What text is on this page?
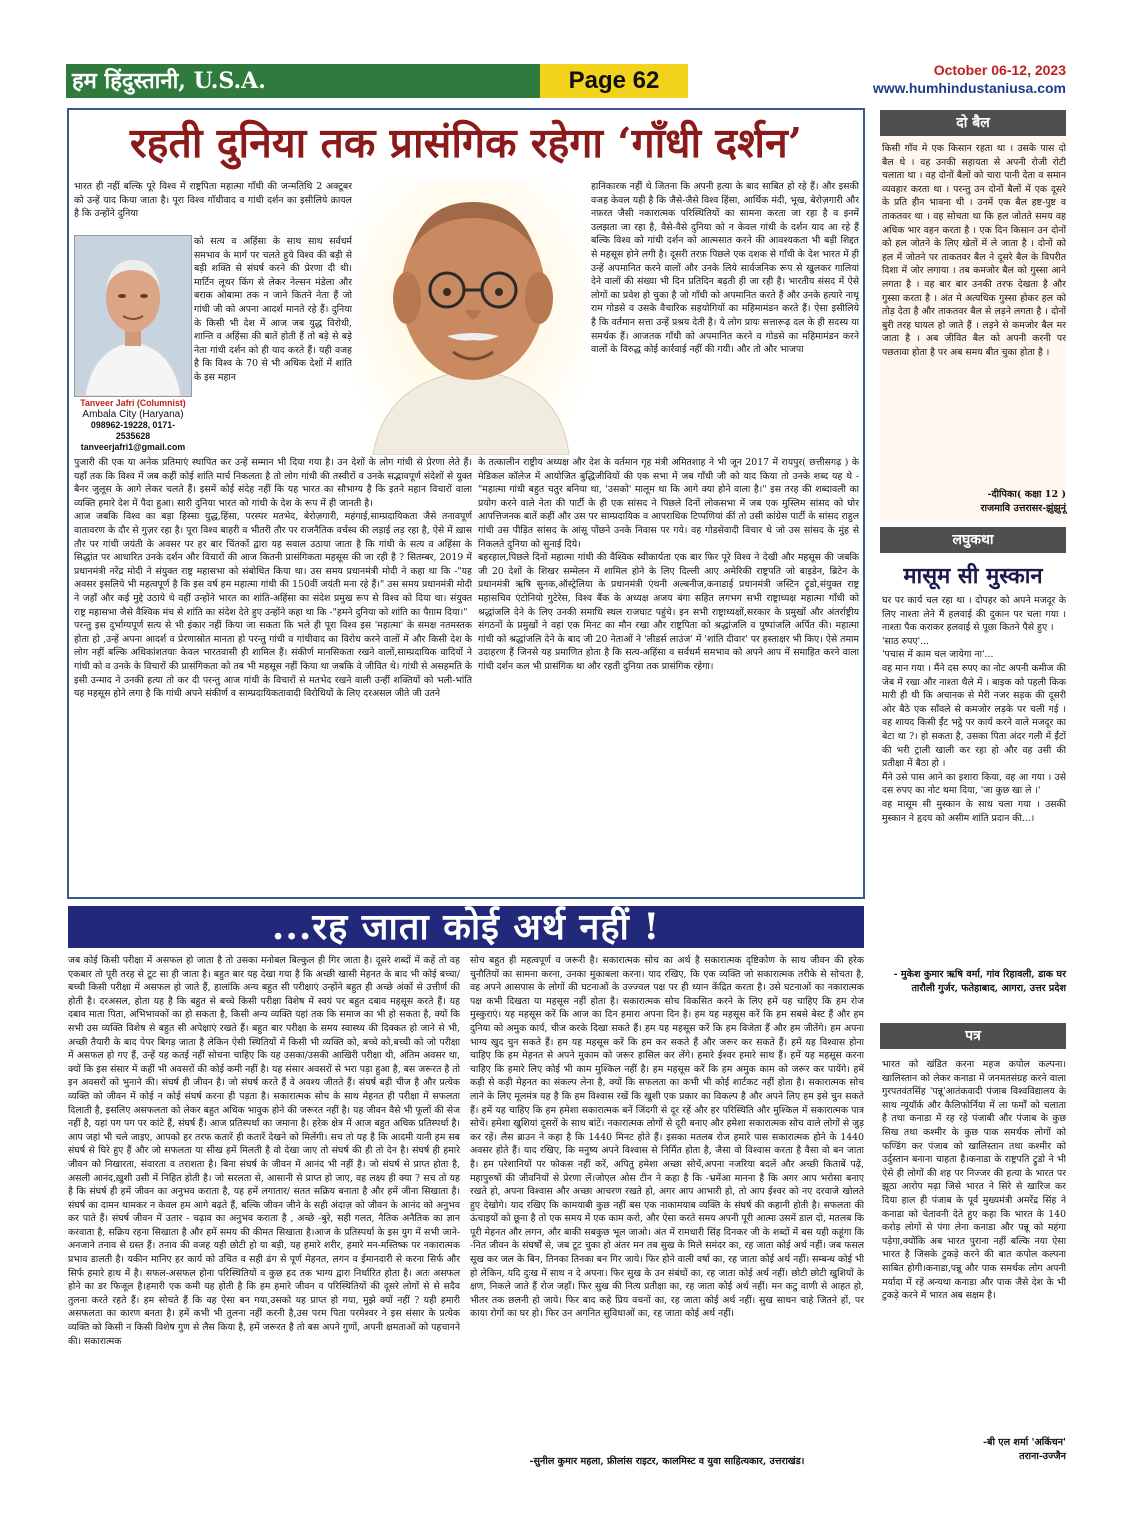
हम हिंदुस्तानी, U.S.A.	Page 62	October 06-12, 2023
www.humhindustaniusa.com
रहती दुनिया तक प्रासंगिक रहेगा ‘गाँधी दर्शन’
भारत ही नहीं बल्कि पूरे विश्व में राष्ट्रपिता महात्मा गाँधी की जन्मतिथि 2 अक्टूबर को उन्हें याद किया जाता है। पूरा विश्व गाँधीवाद व गांधी दर्शन का इसीलिये क़ायल है कि उन्होंने दुनिया
Tanveer Jafri (Columnist)
Ambala City (Haryana)
098962-19228, 0171-2535628
tanveerjafri1@gmail.com
को सत्य व अहिंसा के साथ साथ सर्वधर्म समभाव के मार्ग पर चलते हुये विश्व की बड़ी से बड़ी शक्ति से संघर्ष करने की प्रेरणा दी थी। मार्टिन लूथर किंग से लेकर नेल्सन मंडेला और बराक ओबामा तक न जाने कितने नेता हैं जो गांधी जी को अपना आदर्श मानते रहे हैं। दुनिया के किसी भी देश में आज जब युद्ध विरोधी, शान्ति व अहिंसा की बातें होती हैं तो बड़े से बड़े नेता गांधी दर्शन को ही याद करते हैं। यही वजह है कि विश्व के 70 से भी अधिक देशों में शांति के इस महान
हानिकारक नहीं थे जितना कि अपनी हत्या के बाद साबित हो रहे हैं। और इसकी वजह केवल यही है कि जैसे-जैसे विश्व हिंसा, आर्थिक मंदी, भूख, बेरोज़गारी और नफ़रत जैसी नकारात्मक परिस्थितियों का सामना करता जा रहा है व इनमें उलझता जा रहा है, वैसे-वैसे दुनिया को न केवल गांधी के दर्शन याद आ रहे हैं बल्कि विश्व को गांधी दर्शन को आत्मसात करने की आवश्यकता भी बड़ी शिद्दत से महसूस होने लगी है। दूसरी तरफ़ पिछले एक दशक से गाँधी के देश भारत में ही उन्हें अपमानित करने वालों और उनके लिये सार्वजनिक रूप से खुलकर गालियां देने वालों की संख्या भी दिन प्रतिदिन बढ़ती ही जा रही है। भारतीय संसद में ऐसे लोगों का प्रवेश हो चुका है जो गाँधी को अपमानित करते हैं और उनके हत्यारे नाथू राम गोडसे व उसके वैचारिक सहयोगियों का महिमामंडन करते हैं। ऐसा इसीलिये है कि वर्तमान सत्ता उन्हें प्रश्रय देती है। ये लोग प्रायः सत्तारूढ़ दल के ही सदस्य या समर्थक हैं। आजतक गाँधी को अपमानित करने व गोडसे का महिमामंडन करने वालों के विरुद्ध कोई कार्रवाई नहीं की गयी। और तो और भाजपा
पुजारी की एक या अनेक प्रतिमाएं स्थापित कर उन्हें सम्मान भी दिया गया है। उन देशों के लोग गांधी से प्रेरणा लेते हैं। यहाँ तक कि विश्व में जब कहीं कोई शांति मार्च निकलता है तो लोग गांधी की तस्वीरों व उनके सद्भावपूर्ण संदेशों से युक्त बैनर जुलूस के आगे लेकर चलते हैं। इसमें कोई संदेह नहीं कि यह भारत का सौभाग्य है कि इतने महान विचारों वाला व्यक्ति हमारे देश में पैदा हुआ। सारी दुनिया भारत को गांधी के देश के रूप में ही जानती है।
आज जबकि विश्व का बड़ा हिस्सा युद्ध,हिंसा, परस्पर मतभेद, बेरोज़गारी, महंगाई,साम्प्रदायिकता जैसे तनावपूर्ण वातावरण के दौर से गुज़र रहा है। पूरा विश्व बाहरी व भीतरी तौर पर राजनैतिक वर्चस्व की लड़ाई लड़ रहा है, ऐसे में ख़ास तौर पर गांधी जयंती के अवसर पर हर बार चिंतकों द्वारा यह सवाल उठाया जाता है कि गांधी के सत्य व अहिंसा के सिद्धांत पर आधारित उनके दर्शन और विचारों की आज कितनी प्रासंगिकता महसूस की जा रही है ? सितम्बर, 2019 में प्रधानमंत्री नरेंद्र मोदी ने संयुक्त राष्ट्र महासभा को संबोधित किया था। उस समय प्रधानमंत्री मोदी ने कहा था कि -"यह अवसर इसलिये भी महत्वपूर्ण है कि इस वर्ष हम महात्मा गांधी की 150वीं जयंती मना रहे हैं।" उस समय प्रधानमंत्री मोदी ने जहाँ और कई मुद्दे उठाये थे वहीं उन्होंने भारत का शांति-अहिंसा का संदेश प्रमुख रूप से विश्व को दिया था। संयुक्त राष्ट्र महासभा जैसे वैश्विक मंच से शांति का संदेश देते हुए उन्होंने कहा था कि -"हमने दुनिया को शांति का पैग़ाम दिया।"
परन्तु इस दुर्भाग्यपूर्ण सत्य से भी इंकार नहीं किया जा सकता कि भले ही पूरा विश्व इस 'महात्मा' के समक्ष नतमस्तक होता हो ,उन्हें अपना आदर्श व प्रेरणास्रोत मानता हो परन्तु गांधी व गांधीवाद का विरोध करने वालों में और किसी देश के लोग नहीं बल्कि अधिकांशतयाः केवल भारतवासी ही शामिल हैं। संकीर्ण मानसिकता रखने वालों,साम्प्रदायिक वादियों ने गांधी को व उनके के विचारों की प्रासंगिकता को तब भी महसूस नहीं किया था जबकि वे जीवित थे। गांधी से असहमति के इसी उन्माद ने उनकी हत्या तो कर दी परन्तु आज गांधी के विचारों से मतभेद रखने वाली उन्हीं शक्तियों को भली-भांति यह महसूस होने लगा है कि गांधी अपने संकीर्ण व साम्प्रदायिकतावादी विरोधियों के लिए दरअसल जीते जी उतने
के तत्कालीन राष्ट्रीय अध्यक्ष और देश के वर्तमान गृह मंत्री अमितशाह ने भी जून 2017 में रायपुर( छत्तीसगढ़ ) के मेडिकल कॉलेज में आयोजित बुद्धिजीवियों की एक सभा में जब गाँधी जी को याद किया तो उनके शब्द यह थे - "महात्मा गांधी बहुत चतुर बनिया था, 'उसको' मालूम था कि आगे क्या होने वाला है।" इस तरह की शब्दावली का प्रयोग करने वाले नेता की पार्टी के ही एक सांसद ने पिछले दिनों लोकसभा में जब एक मुस्लिम सांसद को घोर आपत्तिजनक बातें कहीं और उस पर साम्प्रदायिक व आपराधिक टिप्पणियां कीं तो उसी कांग्रेस पार्टी के सांसद राहुल गांधी उस पीड़ित सांसद के आंसू पोंछने उनके निवास पर गये। वह गोडसेवादी विचार थे जो उस सांसद के मुंह से निकलते दुनिया को सुनाई दिये।
बहरहाल,पिछले दिनों महात्मा गांधी की वैश्विक स्वीकार्यता एक बार फिर पूरे विश्व ने देखी और महसूस की जबकि जी 20 देशों के शिखर सम्मेलन में शामिल होने के लिए दिल्ली आए अमेरिकी राष्ट्रपति जो बाइडेन, ब्रिटेन के प्रधानमंत्री ऋषि सुनक,ऑस्ट्रेलिया के प्रधानमंत्री एंथनी अल्बनीज,कनाडाई प्रधानमंत्री जस्टिन ट्रूडो,संयुक्त राष्ट्र महासचिव एंटोनियो गुटेरेस, विश्व बैंक के अध्यक्ष अजय बंगा सहित लगभग सभी राष्ट्राध्यक्ष महात्मा गाँधी को श्रद्धांजलि देने के लिए उनकी समाधि स्थल राजघाट पहुंचे। इन सभी राष्ट्राध्यक्षों,सरकार के प्रमुखों और अंतर्राष्ट्रीय संगठनों के प्रमुखों ने वहां एक मिनट का मौन रखा और राष्ट्रपिता को श्रद्धांजलि व पुष्पांजलि अर्पित की। महात्मा गांधी को श्रद्धांजलि देने के बाद जी 20 नेताओं ने 'लीडर्स लाउंज' में 'शांति दीवार' पर हस्ताक्षर भी किए। ऐसे तमाम उदाहरण हैं जिनसे यह प्रमाणित होता है कि सत्य-अहिंसा व सर्वधर्म समभाव को अपने आप में समाहित करने वाला गांधी दर्शन कल भी प्रासंगिक था और रहती दुनिया तक प्रासंगिक रहेगा।
...रह जाता कोई अर्थ नहीं !
जब कोई किसी परीक्षा में असफल हो जाता है तो उसका मनोबल बिल्कुल ही गिर जाता है। दूसरे शब्दों में कहें तो वह एकबार तो पूरी तरह से टूट सा ही जाता है। बहुत बार यह देखा गया है कि अच्छी खासी मेहनत के बाद भी कोई बच्चा/बच्ची किसी परीक्षा में असफल हो जाते हैं, हालांकि अन्य बहुत सी परीक्षाएं उन्होंने बहुत ही अच्छे अंकों से उत्तीर्ण की होती है। दरअसल, होता यह है कि बहुत से बच्चे किसी परीक्षा विशेष में स्वयं पर बहुत दबाव महसूस करते हैं। यह दबाव माता पिता, अभिभावकों का हो सकता है, किसी अन्य व्यक्ति यहां तक कि समाज का भी हो सकता है, क्यों कि सभी उस व्यक्ति विशेष से बहुत सी अपेक्षाएं रखते हैं। बहुत बार परीक्षा के समय स्वास्थ्य की दिक्कत हो जाने से भी, अच्छी तैयारी के बाद पेपर बिगड़ जाता है लेकिन ऐसी स्थितियों में किसी भी व्यक्ति को, बच्चे को,बच्ची को जो परीक्षा में असफल हो गए हैं, उन्हें यह कतई नहीं सोचना चाहिए कि यह उसका/उसकी आखिरी परीक्षा थी, अंतिम अवसर था, क्यों कि इस संसार में कहीं भी अवसरों की कोई कमी नहीं है। यह संसार अवसरों से भरा पड़ा हुआ है, बस जरूरत है तो इन अवसरों को भुनाने की। संघर्ष ही जीवन है। जो संघर्ष करते हैं वे अवश्य जीतते हैं। संघर्ष बड़ी चीज है और प्रत्येक व्यक्ति को जीवन में कोई न कोई संघर्ष करना ही पड़ता है। सकारात्मक सोच के साथ मेहनत ही परीक्षा में सफलता दिलाती है, इसलिए असफलता को लेकर बहुत अधिक भावुक होने की जरूरत नहीं है। यह जीवन वैसे भी फूलों की सेज नहीं है, यहां पग पग पर कांटे हैं, संघर्ष हैं। आज प्रतिस्पर्धा का जमाना है। हरेक क्षेत्र में आज बहुत अधिक प्रतिस्पर्धा है। आप जहां भी चले जाइए, आपको हर तरफ कतारें ही कतारें देखने को मिलेंगी। सच तो यह है कि आदमी यानी हम सब संघर्ष से घिरे हुए हैं और जो सफलता या सीख हमें मिलती है वो देखा जाए तो संघर्ष की ही तो देन है। संघर्ष ही हमारे जीवन को निखारता, संवारता व तराशता है। बिना संघर्ष के जीवन में आनंद भी नहीं है। जो संघर्ष से प्राप्त होता है, असली आनंद,ख़ुशी उसी में निहित होती है। जो सरलता से, आसानी से प्राप्त हो जाए, वह लक्ष्य ही क्या ? सच तो यह है कि संघर्ष ही हमें जीवन का अनुभव कराता है, यह हमें लगातार/ सतत सक्रिय बनाता है और हमें जीना सिखाता है। संघर्ष का दामन थामकर न केवल हम आगे बढ़ते हैं, बल्कि जीवन जीने के सही अंदाज़ को जीवन के आनंद को अनुभव कर पाते हैं। संघर्ष जीवन में उतार - चढ़ाव का अनुभव कराता है , अच्छे -बुरे, सही गलत, नैतिक अनैतिक का ज्ञान करवाता है, सक्रिय रहना सिखाता है और हमें समय की कीमत सिखाता है।आज के प्रतिस्पर्धा के इस युग में सभी जाने-अनजाने तनाव से ग्रस्त हैं। तनाव की वजह यही छोटी हो या बड़ी, यह हमारे शरीर, हमारे मन-मस्तिष्क पर नकारात्मक प्रभाव डालती है। यकीन मानिए हर कार्य को उचित व सही ढंग से पूर्ण मेहनत, लगन व ईमानदारी से करना सिर्फ और सिर्फ हमारे हाथ में है। सफल-असफल होना परिस्थितियों व कुछ हद तक भाग्य द्वारा निर्धारित होता है। अतः असफल होने का डर फिजूल है।हमारी एक कमी यह होती है कि हम हमारे जीवन व परिस्थितियों की दूसरे लोगों से से सदैव तुलना करते रहते हैं। हम सोचते हैं कि वह ऐसा बन गया,उसको यह प्राप्त हो गया, मुझे क्यों नहीं ? यही हमारी असफलता का कारण बनता है। हमें कभी भी तुलना नहीं करनी है,उस परम पिता परमेश्वर ने इस संसार के प्रत्येक व्यक्ति को किसी न किसी विशेष गुण से लैस किया है, हमें जरूरत है तो बस अपने गुणों, अपनी क्षमताओं को पहचानने की। सकारात्मक
सोच बहुत ही महत्वपूर्ण व जरूरी है। सकारात्मक सोच का अर्थ है सकारात्मक दृष्टिकोण के साथ जीवन की हरेक चुनौतियों का सामना करना, उनका मुकाबला करना। याद रखिए, कि एक व्यक्ति जो सकारात्मक तरीके से सोचता है, वह अपने आसपास के लोगों की घटनाओं के उज्ज्वल पक्ष पर ही ध्यान केंद्रित करता है। उसे घटनाओं का नकारात्मक पक्ष कभी दिखता या महसूस नहीं होता है। सकारात्मक सोच विकसित करने के लिए हमें यह चाहिए कि हम रोज मुस्कुराएं। यह महसूस करें कि आज का दिन हमारा अपना दिन है। हम यह महसूस करें कि हम सबसे बेस्ट हैं और हम दुनिया को अमुक कार्य, चीज करके दिखा सकते हैं। हम यह महसूस करें कि हम विजेता हैं और हम जीतेंगे। हम अपना भाग्य खुद चुन सकते हैं। हम यह महसूस करें कि हम कर सकते हैं और जरूर कर सकते हैं। हमें यह विश्वास होना चाहिए कि हम मेहनत से अपने मुकाम को जरूर हासिल कर लेंगे। हमारे ईश्वर हमारे साथ हैं। हमें यह महसूस करना चाहिए कि हमारे लिए कोई भी काम मुश्किल नहीं है। हम महसूस करें कि हम अमुक काम को जरूर कर पायेंगे। हमें कड़ी से कड़ी मेहनत का संकल्प लेना है, क्यों कि सफलता का कभी भी कोई शार्टकट नहीं होता है। सकारात्मक सोच लाने के लिए मूलमंत्र यह है कि हम विश्वास रखें कि खुशी एक प्रकार का विकल्प है और अपने लिए हम इसे चुन सकते हैं। हमें यह चाहिए कि हम हमेशा सकारात्मक बनें जिंदगी से दूर रहें और हर परिस्थिति और मुश्किल में सकारात्मक पात्र सोचें। हमेशा खुशियां दूसरों के साथ बांटें। नकारात्मक लोगों से दूरी बनाए और हमेशा सकारात्मक सोच वाले लोगों से जुड़ कर रहें। लैस ब्राउन ने कहा है कि 1440 मिनट होते हैं। इसका मतलब रोज हमारे पास सकारात्मक होने के 1440 अवसर होते हैं। याद रखिए, कि मनुष्य अपने विश्वास से निर्मित होता है, जैसा वो विश्वास करता है वैसा वो बन जाता है। हम परेशानियों पर फोकस नहीं करें, अपितु हमेशा अच्छा सोचें,अपना नजरिया बदलें और अच्छी किताबें पढ़ें, महापुरुषों की जीवनियों से प्रेरणा लें।जोएल ओस टीन ने कहा है कि -भ्रमेंआ मानना है कि अगर आप भरोसा बनाए रखते हो, अपना विश्वास और अच्छा आचरण रखते हो, अगर आप आभारी हो, तो आप ईश्वर को नए दरवाजे खोलते हुए देखोगे। याद रखिए कि कामयाबी कुछ नहीं बस एक नाकामयाब व्यक्ति के संघर्ष की कहानी होती है। सफलता की ऊंचाइयों को छूना है तो एक समय में एक काम करो, और ऐसा करते समय अपनी पूरी आत्मा उसमें डाल दो, मतलब कि पूरी मेहनत और लगन, और बाकी सबकुछ भूल जाओ। अंत में रामधारी सिंह दिनकर जी के शब्दों में बस यही कहूंगा कि -नित जीवन के संघर्षों से, जब टूट चुका हो अंतर मन तब सुख के मिले समंदर का, रह जाता कोई अर्थ नहीं। जब फसल सूख कर जल के बिन, तिनका तिनका बन गिर जाये। फिर होने वाली वर्षा का, रह जाता कोई अर्थ नहीं। सम्बन्ध कोई भी हो लेकिन, यदि दुःख में साथ न दे अपना। फिर सुख के उन संबंधों का, रह जाता कोई अर्थ नहीं। छोटी छोटी खुशियों के क्षण, निकले जाते हैं रोज जहाँ। फिर सुख की नित्य प्रतीक्षा का, रह जाता कोई अर्थ नहीं। मन कटु वाणी से आहत हो, भीतर तक छलनी हो जाये। फिर बाद कहे प्रिय वचनों का, रह जाता कोई अर्थ नहीं। सुख साधन चाहे जितने हों, पर काया रोगों का घर हो। फिर उन अगनित सुविधाओं का, रह जाता कोई अर्थ नहीं।
-सुनील कुमार महला, फ्रीलांस राइटर, कालमिस्ट व युवा साहित्यकार, उत्तराखंड।
दो बैल
किसी गाँव मे एक किसान रहता था । उसके पास दो बैल थे । वह उनकी सहायता से अपनी रोजी रोटी चलाता था । वह दोनों बैलों को चारा पानी देता व समान व्यवहार करता था । परन्तु उन दोनों बैलों में एक दूसरे के प्रति हीन भावना थी । उनमें एक बैल हष्ट-पुष्ट व ताकतवर था । वह सोचता था कि हल जोतते समय वह अधिक भार वहन करता है । एक दिन किसान उन दोनों को हल जोतने के लिए खेतों में ले जाता है । दोनों को हल में जोतने पर ताकतवर बैल ने दूसरे बैल के विपरीत दिशा में जोर लगाया । तब कमजोर बैल को गुस्सा आने लगता है । वह बार बार उनकी तरफ देखता है और गुस्सा करता है । अंत मे अत्यधिक गुस्सा होकर हल को तोड़ देता है और ताकतवर बैल से लड़ने लगता है । दोनों बुरी तरह घायल हो जाते हैं । लड़ने से कमजोर बैल मर जाता है । अब जीवित बैल को अपनी करनी पर पछतावा होता है पर अब समय बीत चुका होता है ।
-दीपिका( कक्षा 12 )
राजमावि उत्तरासर-झुंझुनूं
लघुकथा
मासूम सी मुस्कान
घर पर कार्य चल रहा था । दोपहर को अपने मजदूर के लिए नाश्ता लेने मैं हलवाई की दुकान पर चला गया । नाश्ता पैक कराकर हलवाई से पूछा कितने पैसे हुए ।
'साठ रुपए'...
'पचास में काम चल जायेगा ना'...
वह मान गया । मैंने दस रुपए का नोट अपनी कमीज की जेब में रखा और नाश्ता थैले में । बाइक को पहली किक मारी ही थी कि अचानक से मेरी नजर सड़क की दूसरी ओर बैठे एक साँवले से कमजोर लड़के पर चली गई । वह शायद किसी ईंट भट्ठे पर कार्य करने वाले मजदूर का बेटा था ?। हो सकता है, उसका पिता अंदर गली में ईंटों की भरी ट्राली खाली कर रहा हो और वह उसी की प्रतीक्षा में बैठा हो ।
मैंने उसे पास आने का इशारा किया, वह आ गया । उसे दस रुपए का नोट थमा दिया, 'जा कुछ खा ले ।'
वह मासूम सी मुस्कान के साथ चला गया । उसकी मुस्कान ने हृदय को असीम शांति प्रदान की...।
- मुकेश कुमार ऋषि वर्मा, गांव रिहावली, डाक घर तारौली गुर्जर, फतेहाबाद, आगरा, उत्तर प्रदेश
पत्र
भारत को खंडित करना महज कपोल कल्पना। खालिस्तान को लेकर कनाडा में जनमतसंग्रह करने वाला गुरपतवंतसिंह 'पन्नू'आतंकवादी पंजाब विश्वविद्यालय के साथ न्यूयॉर्क और कैलिफोर्निया में ला फर्मों को चलाता है तथा कनाडा में रह रहे पंजाबी और पंजाब के कुछ सिख तथा कश्मीर के कुछ पाक समर्थक लोगों को फण्डिंग कर पंजाब को खालिस्तान तथा कश्मीर को उर्दुस्तान बनाना चाहता है।कनाडा के राष्ट्रपति ट्रुडो ने भी ऐसे ही लोगों की शह पर निज्जर की हत्या के भारत पर झूठा आरोप मढ़ा जिसे भारत ने सिरे से खारिज कर दिया हाल ही पंजाब के पूर्व मुख्यमंत्री अमरेंद्र सिंह ने कनाडा को चेतावनी देते हुए कहा कि भारत के 140 करोड़ लोगों से पंगा लेना कनाडा और पन्नू को महंगा पड़ेगा,क्योंकि अब भारत पुराना नहीं बल्कि नया ऐसा भारत है जिसके टुकड़े करने की बात कपोल कल्पना साबित होगी।कनाडा,पन्नू और पाक समर्थक लोग अपनी मर्यादा में रहें अन्यथा कनाडा और पाक जैसे देश के भी टुकड़े करने में भारत अब सक्षम है।
-बी एल शर्मा 'अकिंचन'
तराना-उज्जैन
